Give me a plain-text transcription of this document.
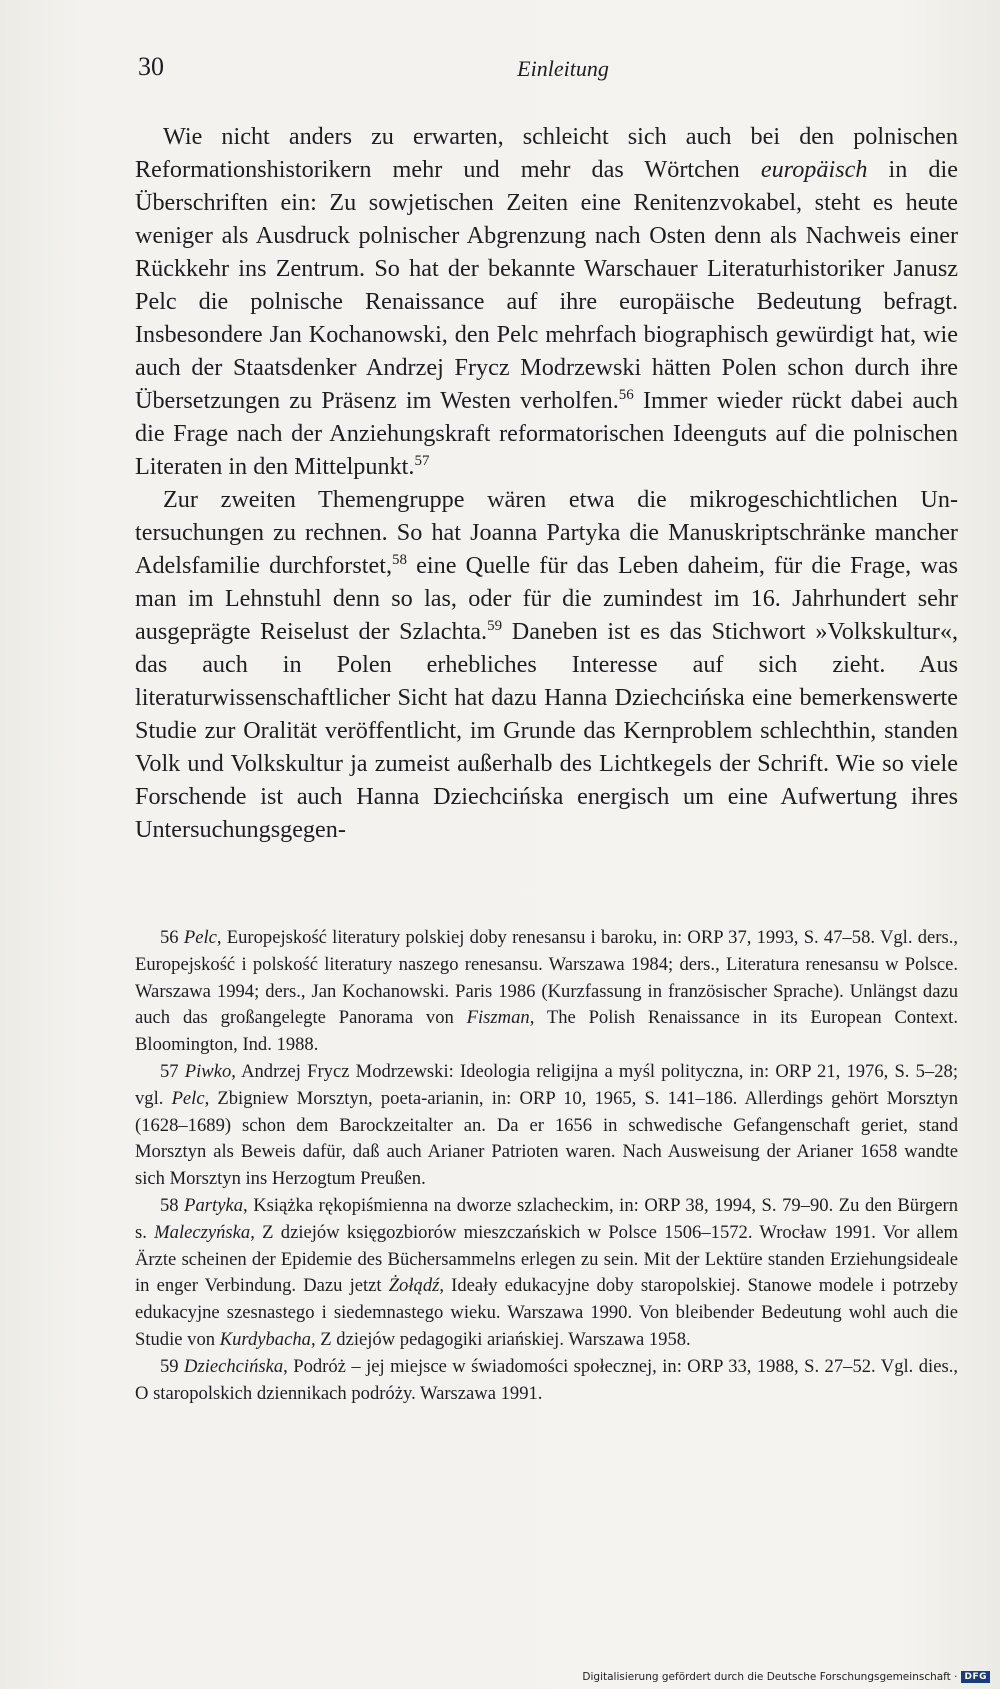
30	Einleitung

Wie nicht anders zu erwarten, schleicht sich auch bei den polnischen Reformationshistorikern mehr und mehr das Wörtchen europäisch in die Überschriften ein: Zu sowjetischen Zeiten eine Renitenzvokabel, steht es heute weniger als Ausdruck polnischer Abgrenzung nach Osten denn als Nachweis einer Rückkehr ins Zentrum. So hat der bekannte Warschauer Literaturhistoriker Janusz Pelc die polnische Renaissance auf ihre europäische Bedeutung befragt. Insbesondere Jan Kochanowski, den Pelc mehrfach biographisch gewürdigt hat, wie auch der Staatsdenker Andrzej Frycz Modrzewski hätten Polen schon durch ihre Übersetzungen zu Präsenz im Westen verholfen.$^{56}$ Immer wieder rückt dabei auch die Frage nach der Anziehungskraft reformatorischen Ideenguts auf die polnischen Literaten in den Mittelpunkt.$^{57}$

Zur zweiten Themengruppe wären etwa die mikrogeschichtlichen Untersuchungen zu rechnen. So hat Joanna Partyka die Manuskriptschränke mancher Adelsfamilie durchforstet,$^{58}$ eine Quelle für das Leben daheim, für die Frage, was man im Lehnstuhl denn so las, oder für die zumindest im 16. Jahrhundert sehr ausgeprägte Reiselust der Szlachta.$^{59}$ Daneben ist es das Stichwort »Volkskultur«, das auch in Polen erhebliches Interesse auf sich zieht. Aus literaturwissenschaftlicher Sicht hat dazu Hanna Dziechcińska eine bemerkenswerte Studie zur Oralität veröffentlicht, im Grunde das Kernproblem schlechthin, standen Volk und Volkskultur ja zumeist außerhalb des Lichtkegels der Schrift. Wie so viele Forschende ist auch Hanna Dziechcińska energisch um eine Aufwertung ihres Untersuchungsgegen-

56 Pelc, Europejskość literatury polskiej doby renesansu i baroku, in: ORP 37, 1993, S. 47–58. Vgl. ders., Europejskość i polskość literatury naszego renesansu. Warszawa 1984; ders., Literatura renesansu w Polsce. Warszawa 1994; ders., Jan Kochanowski. Paris 1986 (Kurzfassung in französischer Sprache). Unlängst dazu auch das großangelegte Panorama von Fiszman, The Polish Renaissance in its European Context. Bloomington, Ind. 1988.

57 Piwko, Andrzej Frycz Modrzewski: Ideologia religijna a myśl polityczna, in: ORP 21, 1976, S. 5–28; vgl. Pelc, Zbigniew Morsztyn, poeta-arianin, in: ORP 10, 1965, S. 141–186. Allerdings gehört Morsztyn (1628–1689) schon dem Barockzeitalter an. Da er 1656 in schwedische Gefangenschaft geriet, stand Morsztyn als Beweis dafür, daß auch Arianer Patrioten waren. Nach Ausweisung der Arianer 1658 wandte sich Morsztyn ins Herzogtum Preußen.

58 Partyka, Książka rękopiśmienna na dworze szlacheckim, in: ORP 38, 1994, S. 79–90. Zu den Bürgern s. Maleczyńska, Z dziejów księgozbiorów mieszczańskich w Polsce 1506–1572. Wrocław 1991. Vor allem Ärzte scheinen der Epidemie des Büchersammelns erlegen zu sein. Mit der Lektüre standen Erziehungsideale in enger Verbindung. Dazu jetzt Żołądź, Ideały edukacyjne doby staropolskiej. Stanowe modele i potrzeby edukacyjne szesnastego i siedemnastego wieku. Warszawa 1990. Von bleibender Bedeutung wohl auch die Studie von Kurdybacha, Z dziejów pedagogiki ariańskiej. Warszawa 1958.

59 Dziechcińska, Podróż – jej miejsce w świadomości społecznej, in: ORP 33, 1988, S. 27–52. Vgl. dies., O staropolskich dziennikach podróży. Warszawa 1991.

Digitalisierung gefördert durch die Deutsche Forschungsgemeinschaft · DFG
